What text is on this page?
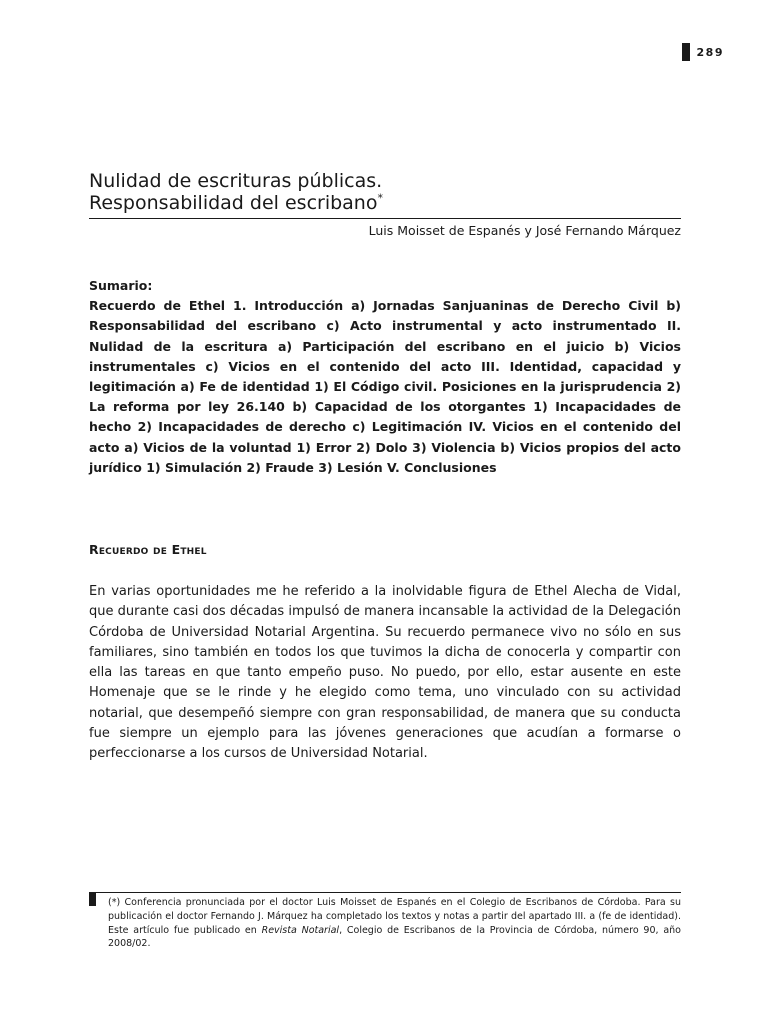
289
Nulidad de escrituras públicas.
Responsabilidad del escribano*
Luis Moisset de Espanés y José Fernando Márquez

Sumario:

Recuerdo de Ethel 1. Introducción a) Jornadas Sanjuaninas de Derecho Civil b) Responsabilidad del escribano c) Acto instrumental y acto instrumentado II. Nulidad de la escritura a) Participación del escribano en el juicio b) Vicios instrumentales c) Vicios en el contenido del acto III. Identidad, capacidad y legitimación a) Fe de identidad 1) El Código civil. Posiciones en la jurisprudencia 2) La reforma por ley 26.140 b) Capacidad de los otorgantes 1) Incapacidades de hecho 2) Incapacidades de derecho c) Legitimación IV. Vicios en el contenido del acto a) Vicios de la voluntad 1) Error 2) Dolo 3) Violencia b) Vicios propios del acto jurídico 1) Simulación 2) Fraude 3) Lesión V. Conclusiones

Recuerdo de Ethel

En varias oportunidades me he referido a la inolvidable figura de Ethel Alecha de Vidal, que durante casi dos décadas impulsó de manera incansable la actividad de la Delegación Córdoba de Universidad Notarial Argentina. Su recuerdo permanece vivo no sólo en sus familiares, sino también en todos los que tuvimos la dicha de conocerla y compartir con ella las tareas en que tanto empeño puso. No puedo, por ello, estar ausente en este Homenaje que se le rinde y he elegido como tema, uno vinculado con su actividad notarial, que desempeñó siempre con gran responsabilidad, de manera que su conducta fue siempre un ejemplo para las jóvenes generaciones que acudían a formarse o perfeccionarse a los cursos de Universidad Notarial.

(*) Conferencia pronunciada por el doctor Luis Moisset de Espanés en el Colegio de Escribanos de Córdoba. Para su publicación el doctor Fernando J. Márquez ha completado los textos y notas a partir del apartado III. a (fe de identidad). Este artículo fue publicado en Revista Notarial, Colegio de Escribanos de la Provincia de Córdoba, número 90, año 2008/02.
